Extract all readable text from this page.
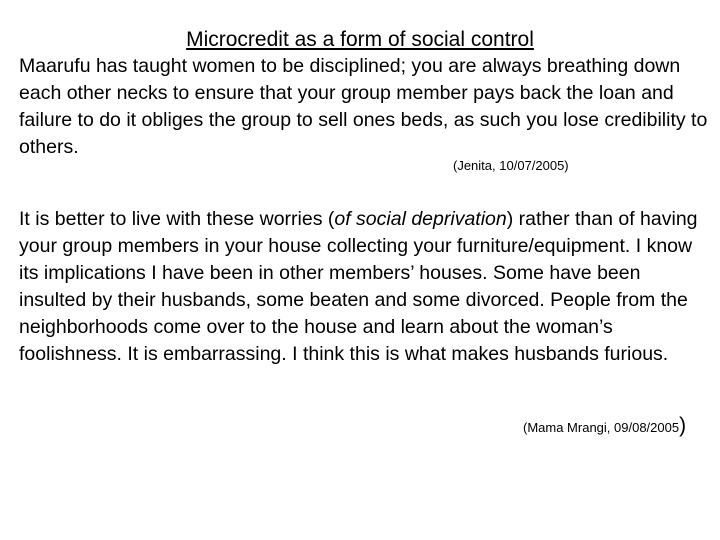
Microcredit as a form of social control

Maarufu has taught women to be disciplined; you are always breathing down each other necks to ensure that your group member pays back the loan and failure to do it obliges the group to sell ones beds, as such you lose credibility to others.

(Jenita, 10/07/2005)

It is better to live with these worries (of social deprivation) rather than of having your group members in your house collecting your furniture/equipment. I know its implications I have been in other members’ houses. Some have been insulted by their husbands, some beaten and some divorced. People from the neighborhoods come over to the house and learn about the woman’s foolishness. It is embarrassing. I think this is what makes husbands furious.

(Mama Mrangi, 09/08/2005)
